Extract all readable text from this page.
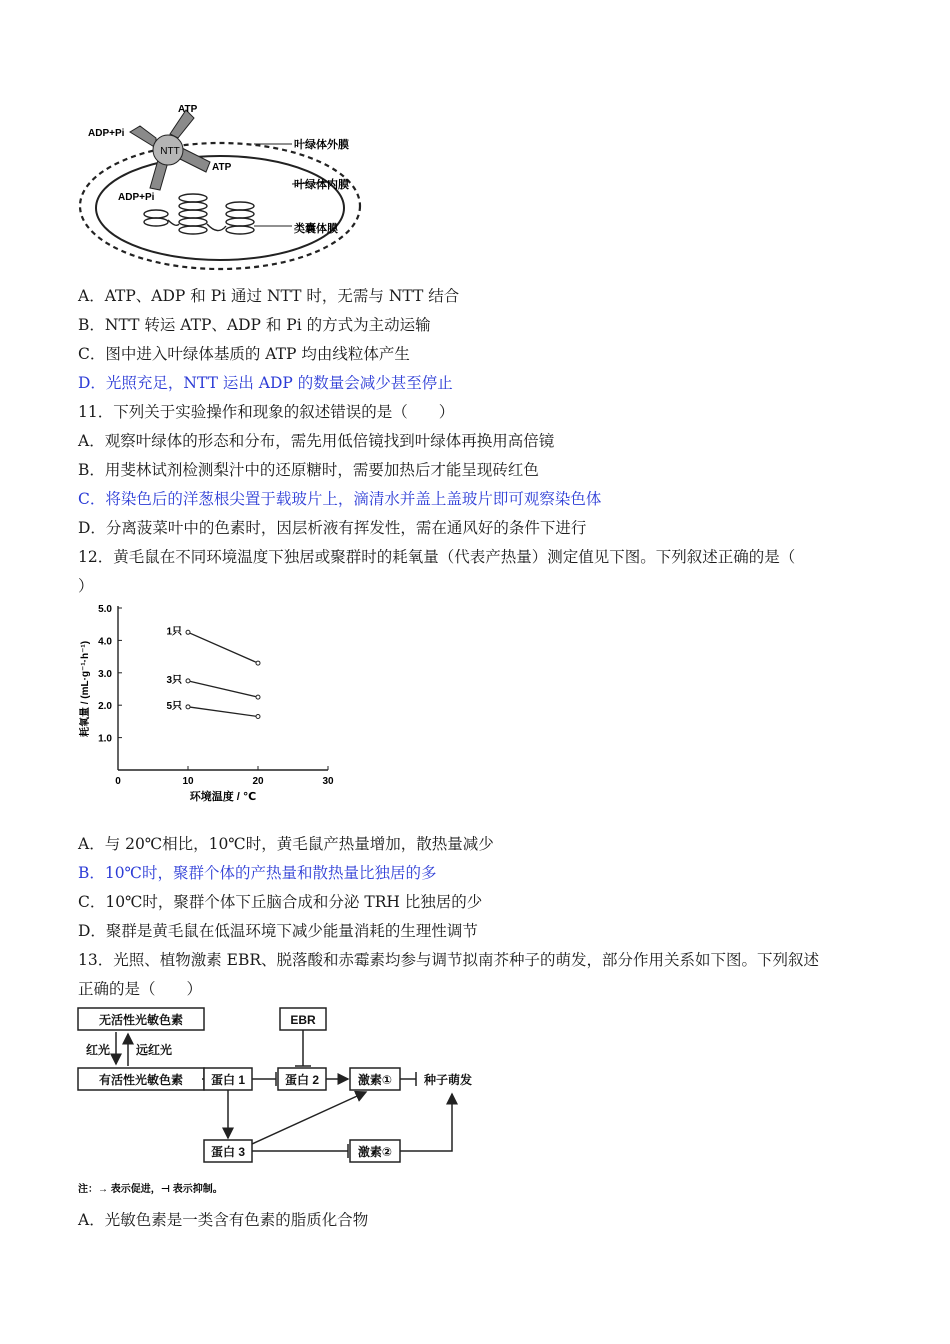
NTT
ATP
ADP+Pi
ATP
ADP+Pi
叶绿体外膜
叶绿体内膜
类囊体膜
A．ATP、ADP 和 Pi 通过 NTT 时，无需与 NTT 结合
B．NTT 转运 ATP、ADP 和 Pi 的方式为主动运输
C．图中进入叶绿体基质的 ATP 均由线粒体产生
D．光照充足，NTT 运出 ADP 的数量会减少甚至停止
11．下列关于实验操作和现象的叙述错误的是（　　）
A．观察叶绿体的形态和分布，需先用低倍镜找到叶绿体再换用高倍镜
B．用斐林试剂检测梨汁中的还原糖时，需要加热后才能呈现砖红色
C．将染色后的洋葱根尖置于载玻片上，滴清水并盖上盖玻片即可观察染色体
D．分离菠菜叶中的色素时，因层析液有挥发性，需在通风好的条件下进行
12．黄毛鼠在不同环境温度下独居或聚群时的耗氧量（代表产热量）测定值见下图。下列叙述正确的是（
）
0	10	20	30
1.0
2.0
3.0
4.0
5.0
环境温度 / ℃
耗氧量 / (mL·g⁻¹·h⁻¹)
1只
3只
5只
A．与 20℃相比，10℃时，黄毛鼠产热量增加，散热量减少
B．10℃时，聚群个体的产热量和散热量比独居的多
C．10℃时，聚群个体下丘脑合成和分泌 TRH 比独居的少
D．聚群是黄毛鼠在低温环境下减少能量消耗的生理性调节
13．光照、植物激素 EBR、脱落酸和赤霉素均参与调节拟南芥种子的萌发，部分作用关系如下图。下列叙述
正确的是（　　）
无活性光敏色素
有活性光敏色素
EBR
蛋白 1	蛋白 2	激素①
蛋白 3	激素②
种子萌发
红光 远红光
注：→ 表示促进，⊣ 表示抑制。
A．光敏色素是一类含有色素的脂质化合物
